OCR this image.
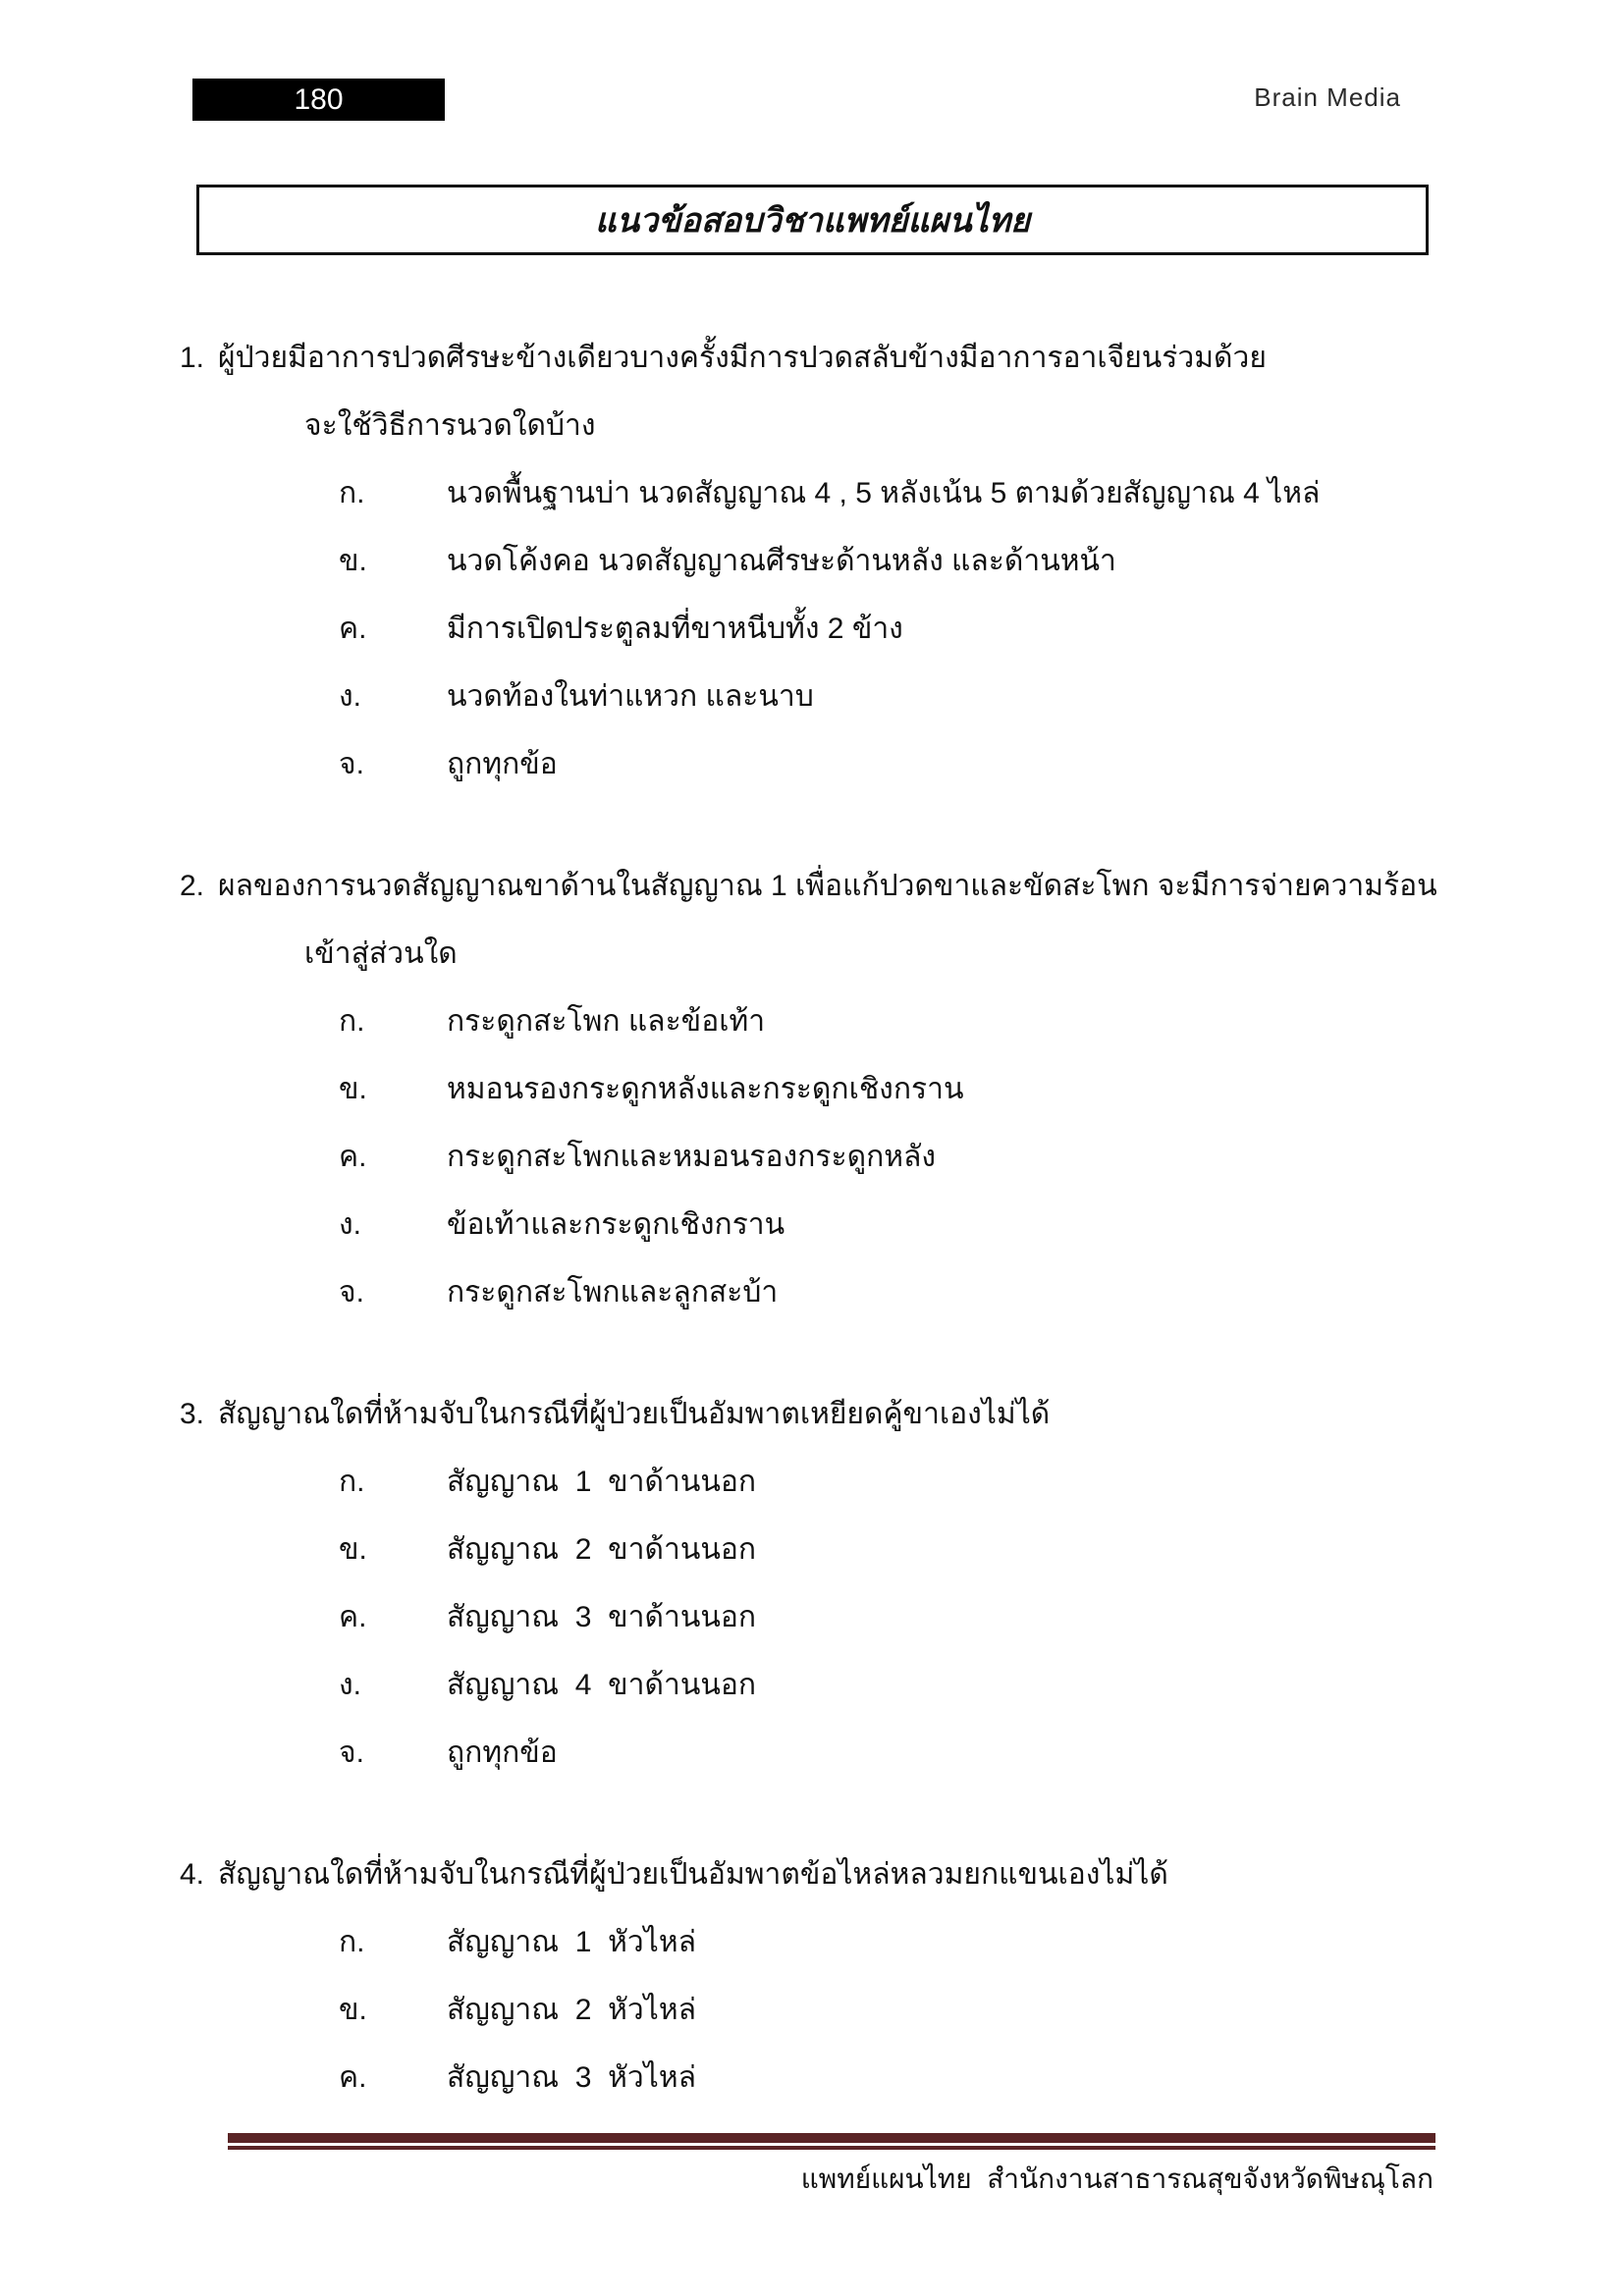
180	Brain Media
แนวข้อสอบวิชาแพทย์แผนไทย
1. ผู้ป่วยมีอาการปวดศีรษะข้างเดียวบางครั้งมีการปวดสลับข้างมีอาการอาเจียนร่วมด้วย
จะใช้วิธีการนวดใดบ้าง
ก.	นวดพื้นฐานบ่า นวดสัญญาณ 4 , 5 หลังเน้น 5 ตามด้วยสัญญาณ 4 ไหล่
ข.	นวดโค้งคอ นวดสัญญาณศีรษะด้านหลัง และด้านหน้า
ค.	มีการเปิดประตูลมที่ขาหนีบทั้ง 2 ข้าง
ง.	นวดท้องในท่าแหวก และนาบ
จ.	ถูกทุกข้อ
2. ผลของการนวดสัญญาณขาด้านในสัญญาณ 1 เพื่อแก้ปวดขาและขัดสะโพก จะมีการจ่ายความร้อน
เข้าสู่ส่วนใด
ก.	กระดูกสะโพก และข้อเท้า
ข.	หมอนรองกระดูกหลังและกระดูกเชิงกราน
ค.	กระดูกสะโพกและหมอนรองกระดูกหลัง
ง.	ข้อเท้าและกระดูกเชิงกราน
จ.	กระดูกสะโพกและลูกสะบ้า
3. สัญญาณใดที่ห้ามจับในกรณีที่ผู้ป่วยเป็นอัมพาตเหยียดคู้ขาเองไม่ได้
ก.	สัญญาณ  1  ขาด้านนอก
ข.	สัญญาณ  2  ขาด้านนอก
ค.	สัญญาณ  3  ขาด้านนอก
ง.	สัญญาณ  4  ขาด้านนอก
จ.	ถูกทุกข้อ
4. สัญญาณใดที่ห้ามจับในกรณีที่ผู้ป่วยเป็นอัมพาตข้อไหล่หลวมยกแขนเองไม่ได้
ก.	สัญญาณ  1  หัวไหล่
ข.	สัญญาณ  2  หัวไหล่
ค.	สัญญาณ  3  หัวไหล่
แพทย์แผนไทย  สำนักงานสาธารณสุขจังหวัดพิษณุโลก
